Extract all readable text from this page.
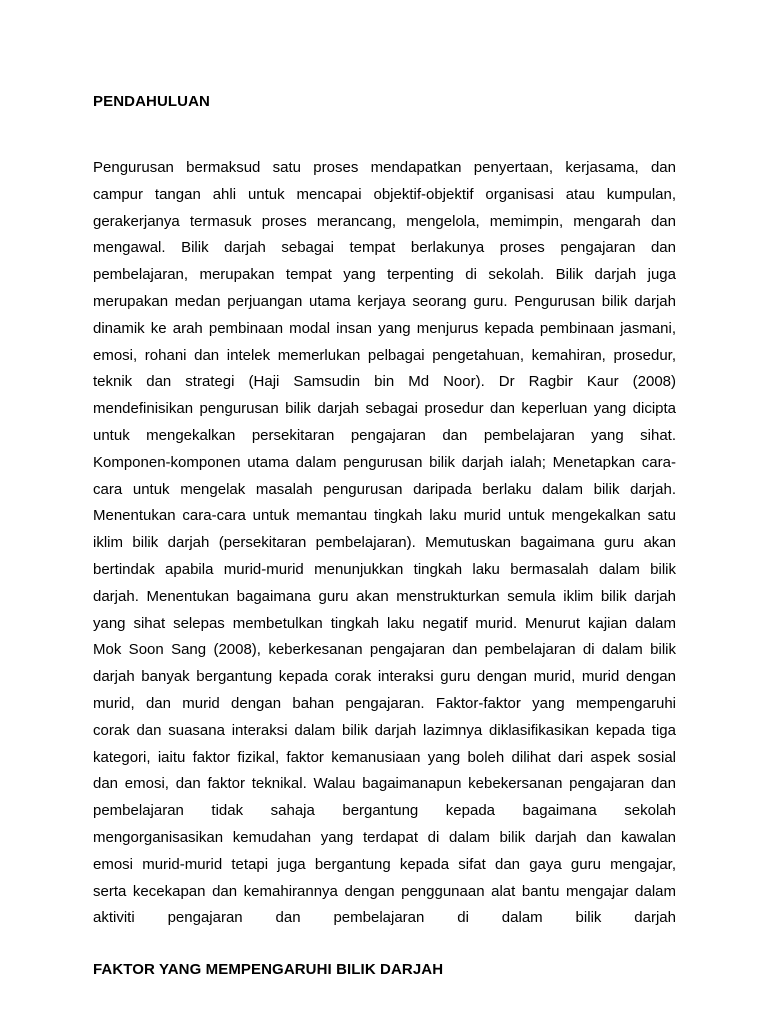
PENDAHULUAN
Pengurusan bermaksud satu proses mendapatkan penyertaan, kerjasama, dan
campur tangan ahli untuk mencapai objektif-objektif organisasi atau kumpulan,
gerakerjanya termasuk proses merancang, mengelola, memimpin, mengarah dan
mengawal. Bilik darjah sebagai tempat berlakunya proses pengajaran dan
pembelajaran, merupakan tempat yang terpenting di sekolah. Bilik darjah juga
merupakan medan perjuangan utama kerjaya seorang guru. Pengurusan bilik darjah
dinamik ke arah pembinaan modal insan yang menjurus kepada pembinaan jasmani,
emosi, rohani dan intelek memerlukan pelbagai pengetahuan, kemahiran, prosedur,
teknik dan strategi (Haji Samsudin bin Md Noor). Dr Ragbir Kaur (2008)
mendefinisikan pengurusan bilik darjah sebagai prosedur dan keperluan yang dicipta
untuk mengekalkan persekitaran pengajaran dan pembelajaran yang sihat.
Komponen-komponen utama dalam pengurusan bilik darjah ialah; Menetapkan cara-
cara untuk mengelak masalah pengurusan daripada berlaku dalam bilik darjah.
Menentukan cara-cara untuk memantau tingkah laku murid untuk mengekalkan satu
iklim bilik darjah (persekitaran pembelajaran). Memutuskan bagaimana guru akan
bertindak apabila murid-murid menunjukkan tingkah laku bermasalah dalam bilik
darjah. Menentukan bagaimana guru akan menstrukturkan semula iklim bilik darjah
yang sihat selepas membetulkan tingkah laku negatif murid. Menurut kajian dalam
Mok Soon Sang (2008), keberkesanan pengajaran dan pembelajaran di dalam bilik
darjah banyak bergantung kepada corak interaksi guru dengan murid, murid dengan
murid, dan murid dengan bahan pengajaran. Faktor-faktor yang mempengaruhi
corak dan suasana interaksi dalam bilik darjah lazimnya diklasifikasikan kepada tiga
kategori, iaitu faktor fizikal, faktor kemanusiaan yang boleh dilihat dari aspek sosial
dan emosi, dan faktor teknikal. Walau bagaimanapun kebekersanan pengajaran dan
pembelajaran tidak sahaja bergantung kepada bagaimana sekolah
mengorganisasikan kemudahan yang terdapat di dalam bilik darjah dan kawalan
emosi murid-murid tetapi juga bergantung kepada sifat dan gaya guru mengajar,
serta kecekapan dan kemahirannya dengan penggunaan alat bantu mengajar dalam
aktiviti pengajaran dan pembelajaran di dalam bilik darjah
FAKTOR YANG MEMPENGARUHI BILIK DARJAH
